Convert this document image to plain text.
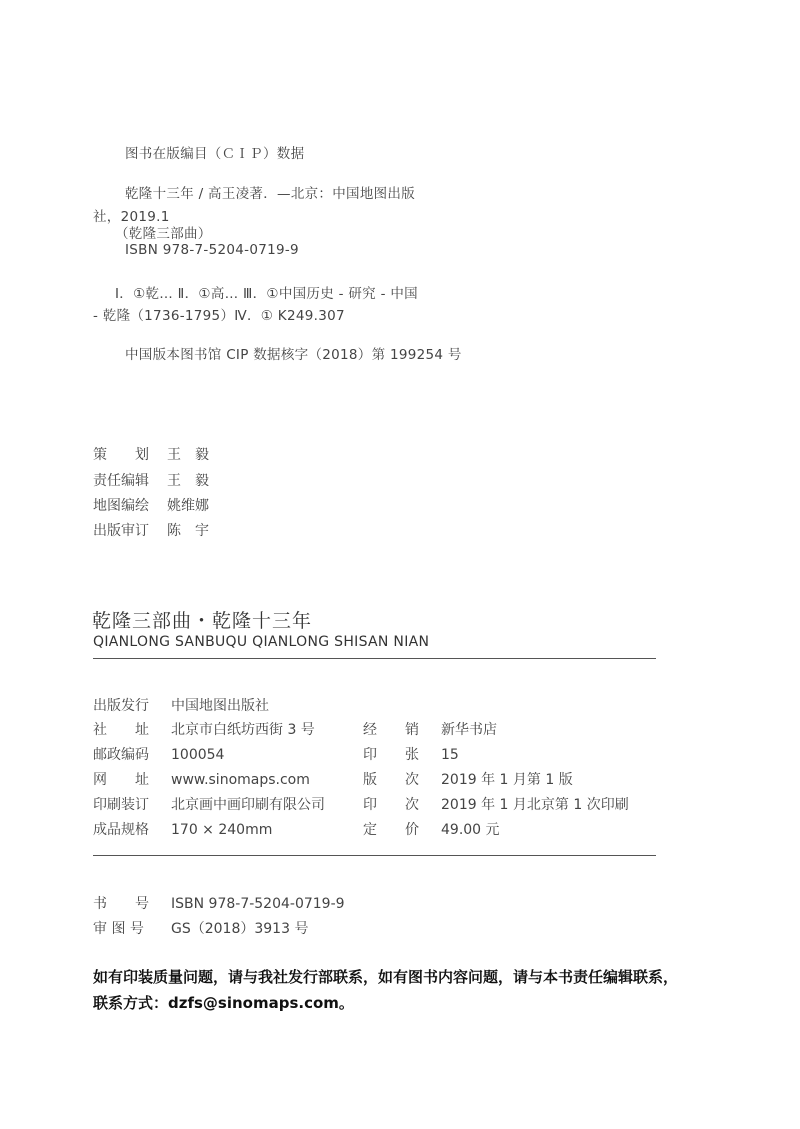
图书在版编目（ＣＩＰ）数据
乾隆十三年 / 高王凌著．—北京：中国地图出版
社，2019.1
（乾隆三部曲）
ISBN 978-7-5204-0719-9
Ⅰ．①乾… Ⅱ．①高… Ⅲ．①中国历史 - 研究 - 中国
- 乾隆（1736-1795）Ⅳ．① K249.307
中国版本图书馆 CIP 数据核字（2018）第 199254 号
策　　划 王　毅
责任编辑 王　毅
地图编绘 姚维娜
出版审订 陈　宇
乾隆三部曲・乾隆十三年
QIANLONG SANBUQU QIANLONG SHISAN NIAN
出版发行 中国地图出版社
社　　址 北京市白纸坊西街 3 号
邮政编码 100054
网　　址 www.sinomaps.com
印刷装订 北京画中画印刷有限公司
成品规格 170 × 240mm
经　　销 新华书店
印　　张 15
版　　次 2019 年 1 月第 1 版
印　　次 2019 年 1 月北京第 1 次印刷
定　　价 49.00 元
书　　号 ISBN 978-7-5204-0719-9
审 图 号 GS（2018）3913 号
如有印装质量问题，请与我社发行部联系，如有图书内容问题，请与本书责任编辑联系，
联系方式：dzfs@sinomaps.com。
